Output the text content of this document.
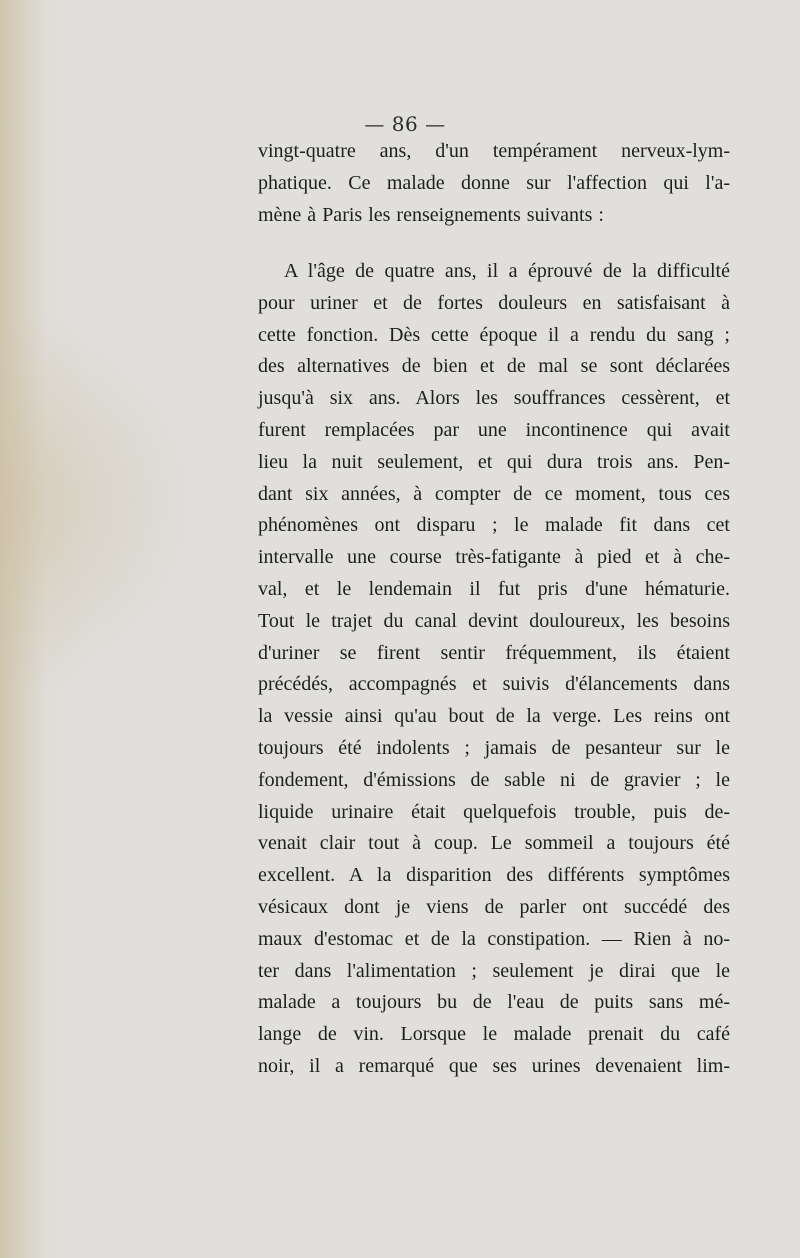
— 86 —
vingt-quatre ans, d'un tempérament nerveux-lym-
phatique. Ce malade donne sur l'affection qui l'a-
mène à Paris les renseignements suivants :
A l'âge de quatre ans, il a éprouvé de la difficulté
pour uriner et de fortes douleurs en satisfaisant à
cette fonction. Dès cette époque il a rendu du sang ;
des alternatives de bien et de mal se sont déclarées
jusqu'à six ans. Alors les souffrances cessèrent, et
furent remplacées par une incontinence qui avait
lieu la nuit seulement, et qui dura trois ans. Pen-
dant six années, à compter de ce moment, tous ces
phénomènes ont disparu ; le malade fit dans cet
intervalle une course très-fatigante à pied et à che-
val, et le lendemain il fut pris d'une hématurie.
Tout le trajet du canal devint douloureux, les besoins
d'uriner se firent sentir fréquemment, ils étaient
précédés, accompagnés et suivis d'élancements dans
la vessie ainsi qu'au bout de la verge. Les reins ont
toujours été indolents ; jamais de pesanteur sur le
fondement, d'émissions de sable ni de gravier ; le
liquide urinaire était quelquefois trouble, puis de-
venait clair tout à coup. Le sommeil a toujours été
excellent. A la disparition des différents symptômes
vésicaux dont je viens de parler ont succédé des
maux d'estomac et de la constipation. — Rien à no-
ter dans l'alimentation ; seulement je dirai que le
malade a toujours bu de l'eau de puits sans mé-
lange de vin. Lorsque le malade prenait du café
noir, il a remarqué que ses urines devenaient lim-
